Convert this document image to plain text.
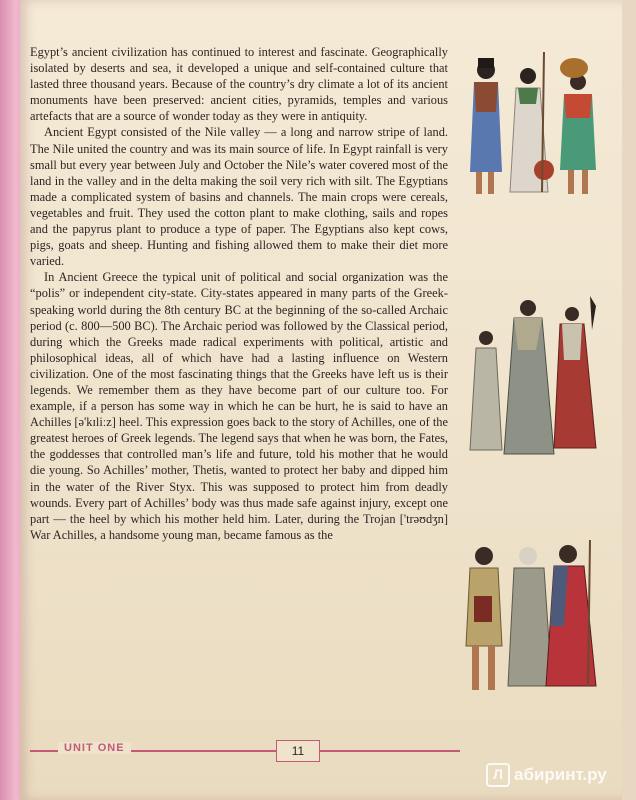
Egypt’s ancient civilization has continued to interest and fascinate. Geographically isolated by deserts and sea, it developed a unique and self-contained culture that lasted three thousand years. Because of the country’s dry climate a lot of its ancient monuments have been preserved: ancient cities, pyramids, temples and various artefacts that are a source of wonder today as they were in antiquity.

Ancient Egypt consisted of the Nile valley — a long and narrow stripe of land. The Nile united the country and was its main source of life. In Egypt rainfall is very small but every year between July and October the Nile’s water covered most of the land in the valley and in the delta making the soil very rich with silt. The Egyptians made a complicated system of basins and channels. The main crops were cereals, vegetables and fruit. They used the cotton plant to make clothing, sails and ropes and the papyrus plant to produce a type of paper. The Egyptians also kept cows, pigs, goats and sheep. Hunting and fishing allowed them to make their diet more varied.

In Ancient Greece the typical unit of political and social organization was the “polis” or independent city-state. City-states appeared in many parts of the Greek-speaking world during the 8th century BC at the beginning of the so-called Archaic period (c. 800—500 BC). The Archaic period was followed by the Classical period, during which the Greeks made radical experiments with political, artistic and philosophical ideas, all of which have had a lasting influence on Western civilization. One of the most fascinating things that the Greeks have left us is their legends. We remember them as they have become part of our culture too. For example, if a person has some way in which he can be hurt, he is said to have an Achilles [ə'kɪliːz] heel. This expression goes back to the story of Achilles, one of the greatest heroes of Greek legends. The legend says that when he was born, the Fates, the goddesses that controlled man’s life and future, told his mother that he would die young. So Achilles’ mother, Thetis, wanted to protect her baby and dipped him in the water of the River Styx. This was supposed to protect him from deadly wounds. Every part of Achilles’ body was thus made safe against injury, except one part — the heel by which his mother held him. Later, during the Trojan ['trəʊdʒn] War Achilles, a handsome young man, became famous as the

UNIT ONE	11
Л абиринт.ру
